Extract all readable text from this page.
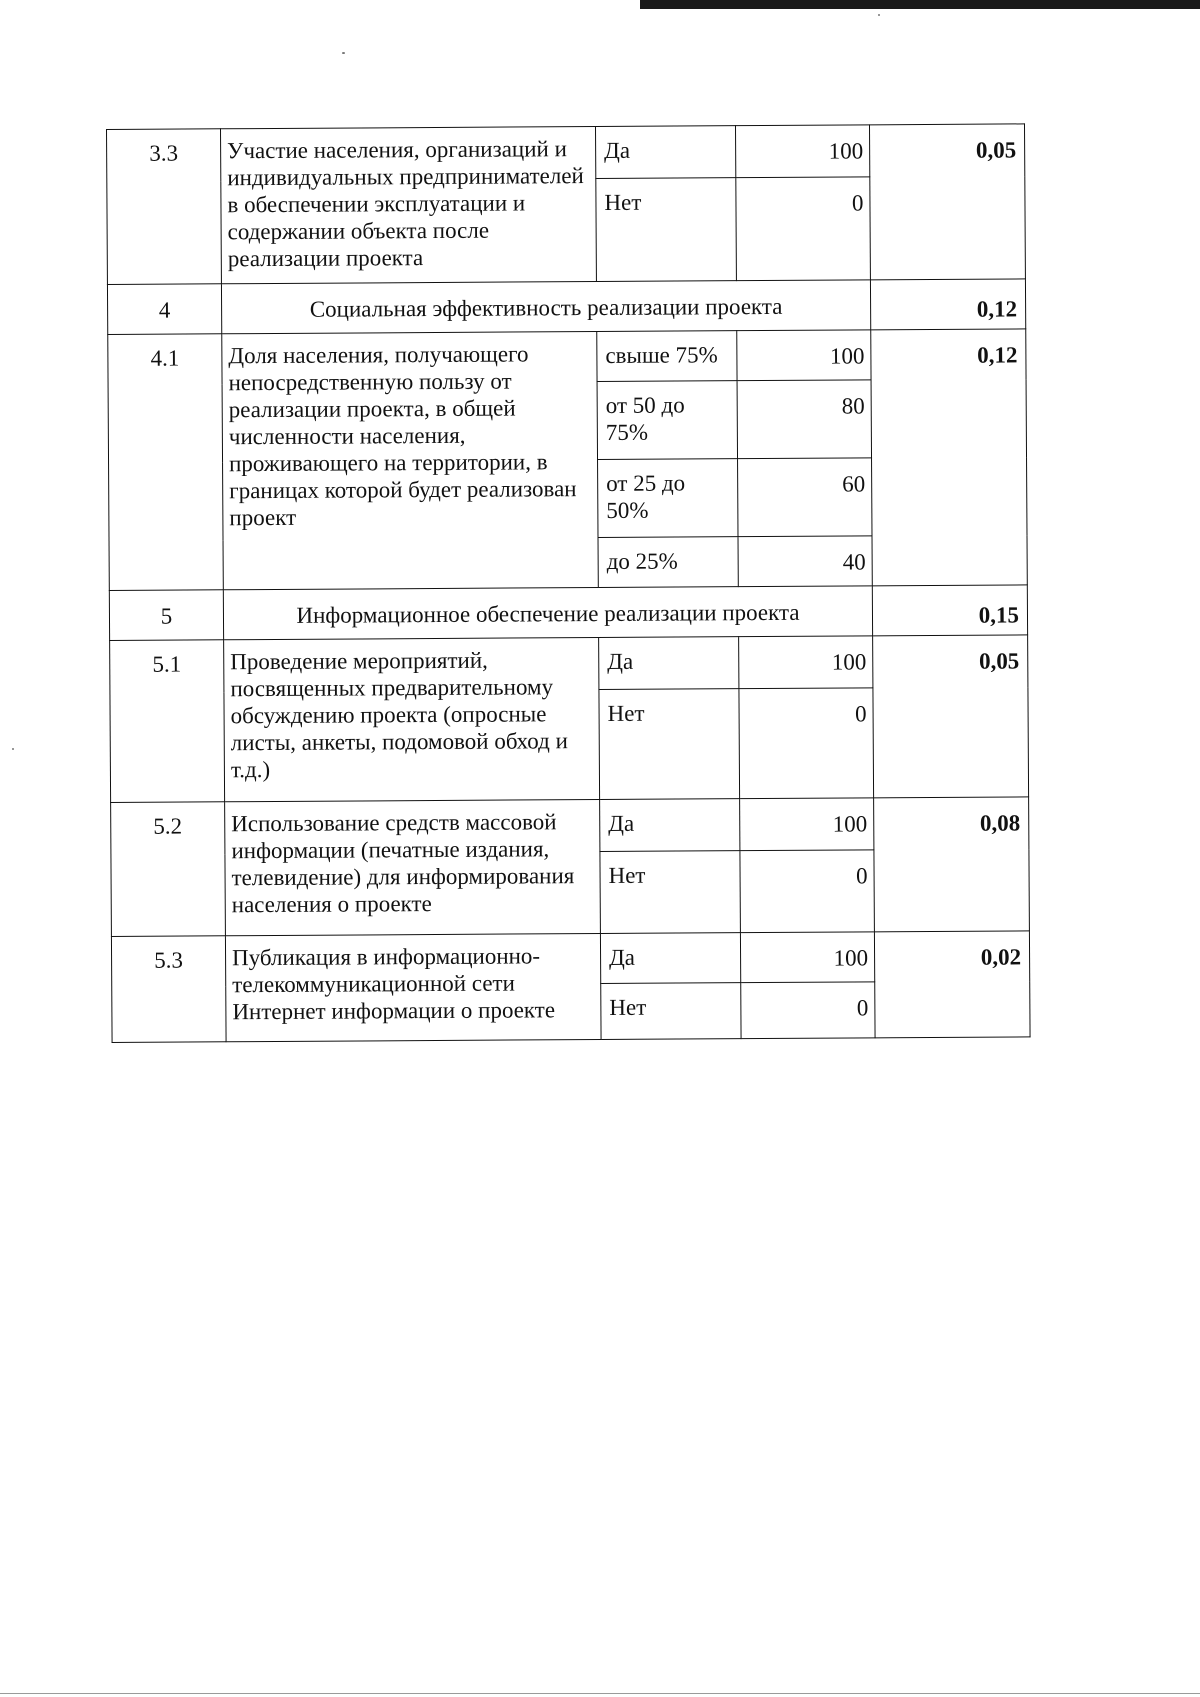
3.3	Участие населения, организаций и индивидуальных предпринимателей в обеспечении эксплуатации и содержании объекта после реализации проекта	Да	100	0,05
		Нет	0	
4	Социальная эффективность реализации проекта			0,12
4.1	Доля населения, получающего непосредственную пользу от реализации проекта, в общей численности населения, проживающего на территории, в границах которой будет реализован проект	свыше 75%	100	0,12
		от 50 до 75%	80	
		от 25 до 50%	60	
		до 25%	40	
5	Информационное обеспечение реализации проекта			0,15
5.1	Проведение мероприятий, посвященных предварительному обсуждению проекта (опросные листы, анкеты, подомовой обход и т.д.)	Да	100	0,05
		Нет	0	
5.2	Использование средств массовой информации (печатные издания, телевидение) для информирования населения о проекте	Да	100	0,08
		Нет	0	
5.3	Публикация в информационно-телекоммуникационной сети Интернет информации о проекте	Да	100	0,02
		Нет	0	
